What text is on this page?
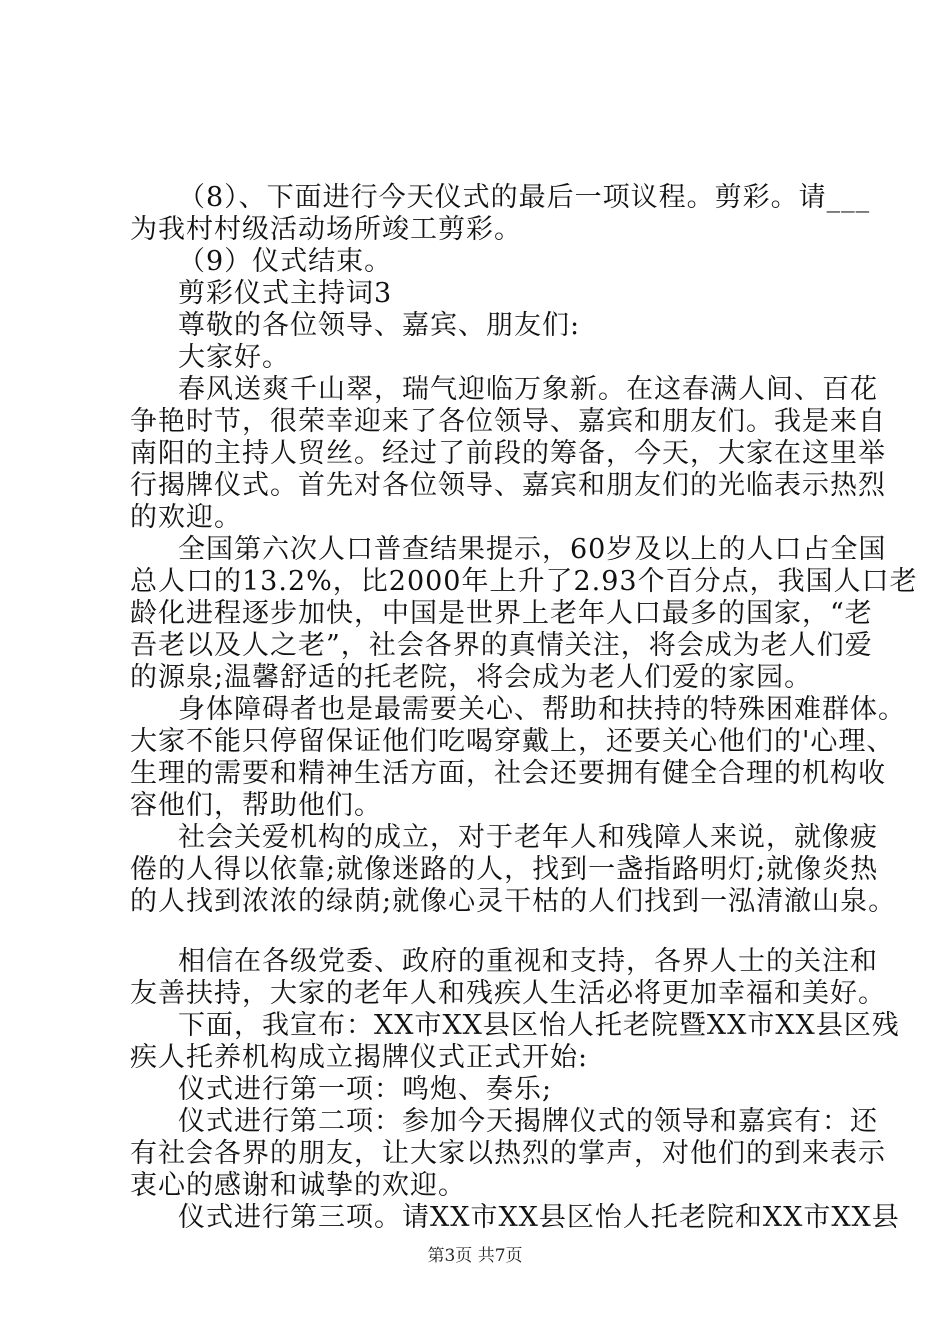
（8）、下面进行今天仪式的最后一项议程。剪彩。请___
为我村村级活动场所竣工剪彩。
（9）仪式结束。
剪彩仪式主持词3
尊敬的各位领导、嘉宾、朋友们:
大家好。
春风送爽千山翠，瑞气迎临万象新。在这春满人间、百花
争艳时节，很荣幸迎来了各位领导、嘉宾和朋友们。我是来自
南阳的主持人贸丝。经过了前段的筹备，今天，大家在这里举
行揭牌仪式。首先对各位领导、嘉宾和朋友们的光临表示热烈
的欢迎。
全国第六次人口普查结果提示，60岁及以上的人口占全国
总人口的13.2%，比2000年上升了2.93个百分点，我国人口老
龄化进程逐步加快，中国是世界上老年人口最多的国家，“老
吾老以及人之老”，社会各界的真情关注，将会成为老人们爱
的源泉;温馨舒适的托老院，将会成为老人们爱的家园。
身体障碍者也是最需要关心、帮助和扶持的特殊困难群体。
大家不能只停留保证他们吃喝穿戴上，还要关心他们的'心理、
生理的需要和精神生活方面，社会还要拥有健全合理的机构收
容他们，帮助他们。
社会关爱机构的成立，对于老年人和残障人来说，就像疲
倦的人得以依靠;就像迷路的人，找到一盏指路明灯;就像炎热
的人找到浓浓的绿荫;就像心灵干枯的人们找到一泓清澈山泉。
相信在各级党委、政府的重视和支持，各界人士的关注和
友善扶持，大家的老年人和残疾人生活必将更加幸福和美好。
下面，我宣布：XX市XX县区怡人托老院暨XX市XX县区残
疾人托养机构成立揭牌仪式正式开始:
仪式进行第一项：鸣炮、奏乐;
仪式进行第二项：参加今天揭牌仪式的领导和嘉宾有：还
有社会各界的朋友，让大家以热烈的掌声，对他们的到来表示
衷心的感谢和诚挚的欢迎。
仪式进行第三项。请XX市XX县区怡人托老院和XX市XX县
第3页 共7页
